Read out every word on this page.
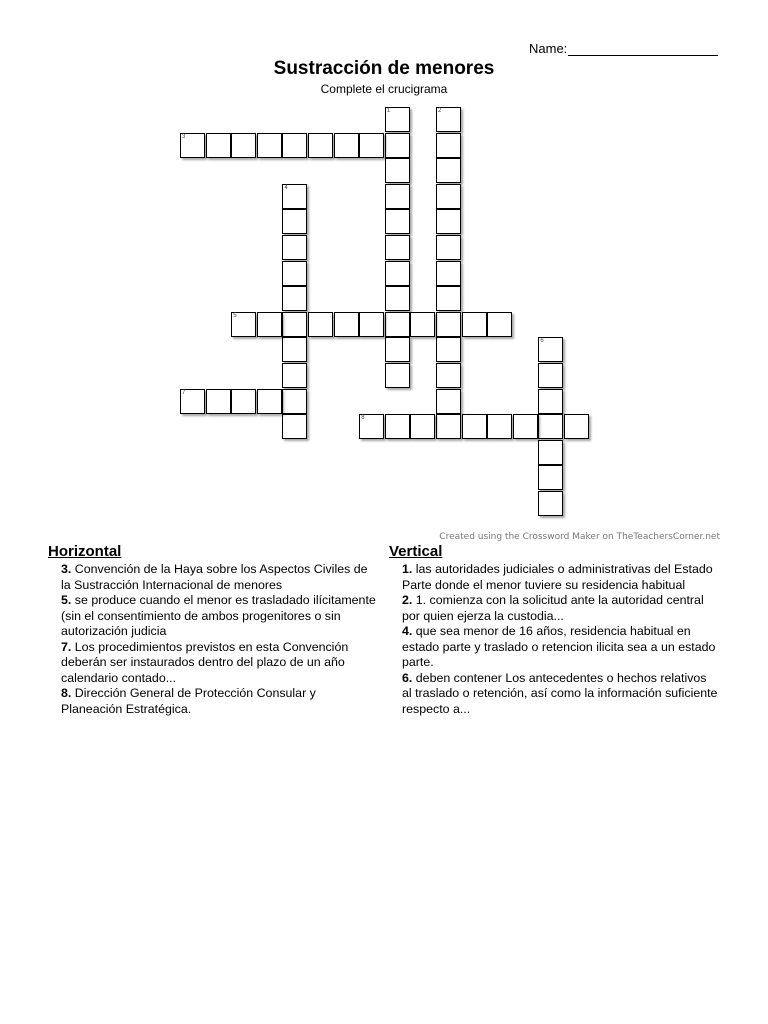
Name:
Sustracción de menores
Complete el crucigrama
1	2
3
4
5
6
7
8
Created using the Crossword Maker on TheTeachersCorner.net
Horizontal
3. Convención de la Haya sobre los Aspectos Civiles de la Sustracción Internacional de menores
5. se produce cuando el menor es trasladado ilícitamente (sin el consentimiento de ambos progenitores o sin autorización judicia
7. Los procedimientos previstos en esta Convención deberán ser instaurados dentro del plazo de un año calendario contado...
8. Dirección General de Protección Consular y Planeación Estratégica.
Vertical
1. las autoridades judiciales o administrativas del Estado Parte donde el menor tuviere su residencia habitual
2. 1. comienza con la solicitud ante la autoridad central por quien ejerza la custodia...
4. que sea menor de 16 años, residencia habitual en estado parte y traslado o retencion ilicita sea a un estado parte.
6. deben contener Los antecedentes o hechos relativos al traslado o retención, así como la información suficiente respecto a...
